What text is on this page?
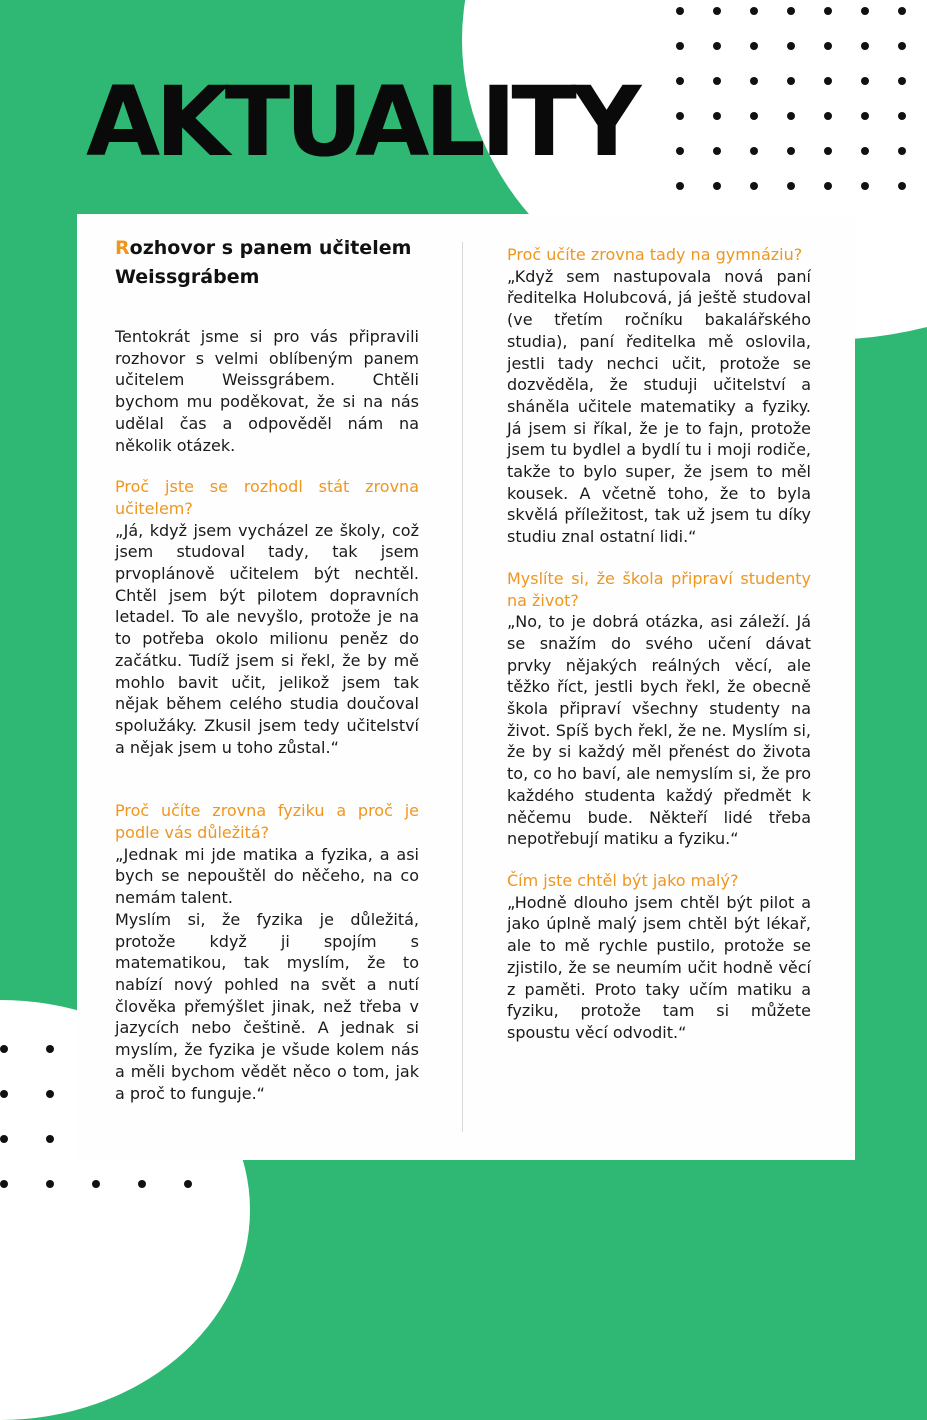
AKTUALITY
Rozhovor s panem učitelem Weissgrábem

Tentokrát jsme si pro vás připravili rozhovor s velmi oblíbeným panem učitelem Weissgrábem. Chtěli bychom mu poděkovat, že si na nás udělal čas a odpověděl nám na několik otázek.

Proč jste se rozhodl stát zrovna učitelem?

„Já, když jsem vycházel ze školy, což jsem studoval tady, tak jsem prvoplánově učitelem být nechtěl. Chtěl jsem být pilotem dopravních letadel. To ale nevyšlo, protože je na to potřeba okolo milionu peněz do začátku. Tudíž jsem si řekl, že by mě mohlo bavit učit, jelikož jsem tak nějak během celého studia doučoval spolužáky. Zkusil jsem tedy učitelství a nějak jsem u toho zůstal.“

Proč učíte zrovna fyziku a proč je podle vás důležitá?

„Jednak mi jde matika a fyzika, a asi bych se nepouštěl do něčeho, na co nemám talent.

Myslím si, že fyzika je důležitá, protože když ji spojím s matematikou, tak myslím, že to nabízí nový pohled na svět a nutí člověka přemýšlet jinak, než třeba v jazycích nebo češtině. A jednak si myslím, že fyzika je všude kolem nás a měli bychom vědět něco o tom, jak a proč to funguje.“

Proč učíte zrovna tady na gymnáziu?

„Když sem nastupovala nová paní ředitelka Holubcová, já ještě studoval (ve třetím ročníku bakalářského studia), paní ředitelka mě oslovila, jestli tady nechci učit, protože se dozvěděla, že studuji učitelství a sháněla učitele matematiky a fyziky. Já jsem si říkal, že je to fajn, protože jsem tu bydlel a bydlí tu i moji rodiče, takže to bylo super, že jsem to měl kousek. A včetně toho, že to byla skvělá příležitost, tak už jsem tu díky studiu znal ostatní lidi.“

Myslíte si, že škola připraví studenty na život?

„No, to je dobrá otázka, asi záleží. Já se snažím do svého učení dávat prvky nějakých reálných věcí, ale těžko říct, jestli bych řekl, že obecně škola připraví všechny studenty na život. Spíš bych řekl, že ne. Myslím si, že by si každý měl přenést do života to, co ho baví, ale nemyslím si, že pro každého studenta každý předmět k něčemu bude. Někteří lidé třeba nepotřebují matiku a fyziku.“

Čím jste chtěl být jako malý?

„Hodně dlouho jsem chtěl být pilot a jako úplně malý jsem chtěl být lékař, ale to mě rychle pustilo, protože se zjistilo, že se neumím učit hodně věcí z paměti. Proto taky učím matiku a fyziku, protože tam si můžete spoustu věcí odvodit.“
